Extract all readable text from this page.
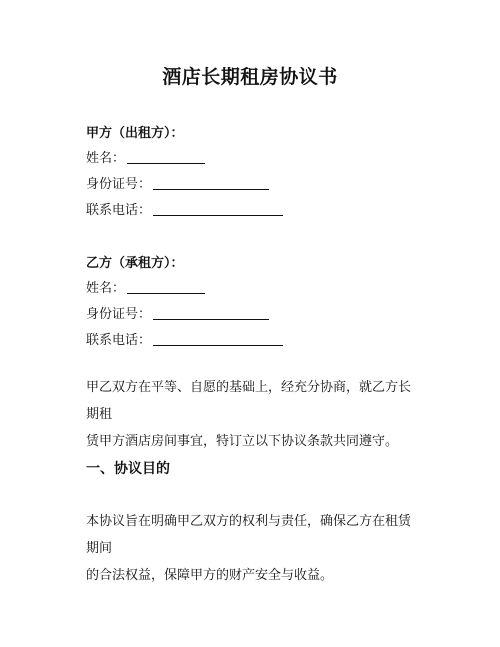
酒店长期租房协议书
甲方（出租方）：
姓名：
身份证号：
联系电话：
乙方（承租方）：
姓名：
身份证号：
联系电话：
甲乙双方在平等、自愿的基础上，经充分协商，就乙方长期租
赁甲方酒店房间事宜，特订立以下协议条款共同遵守。
一、协议目的
本协议旨在明确甲乙双方的权利与责任，确保乙方在租赁期间
的合法权益，保障甲方的财产安全与收益。
